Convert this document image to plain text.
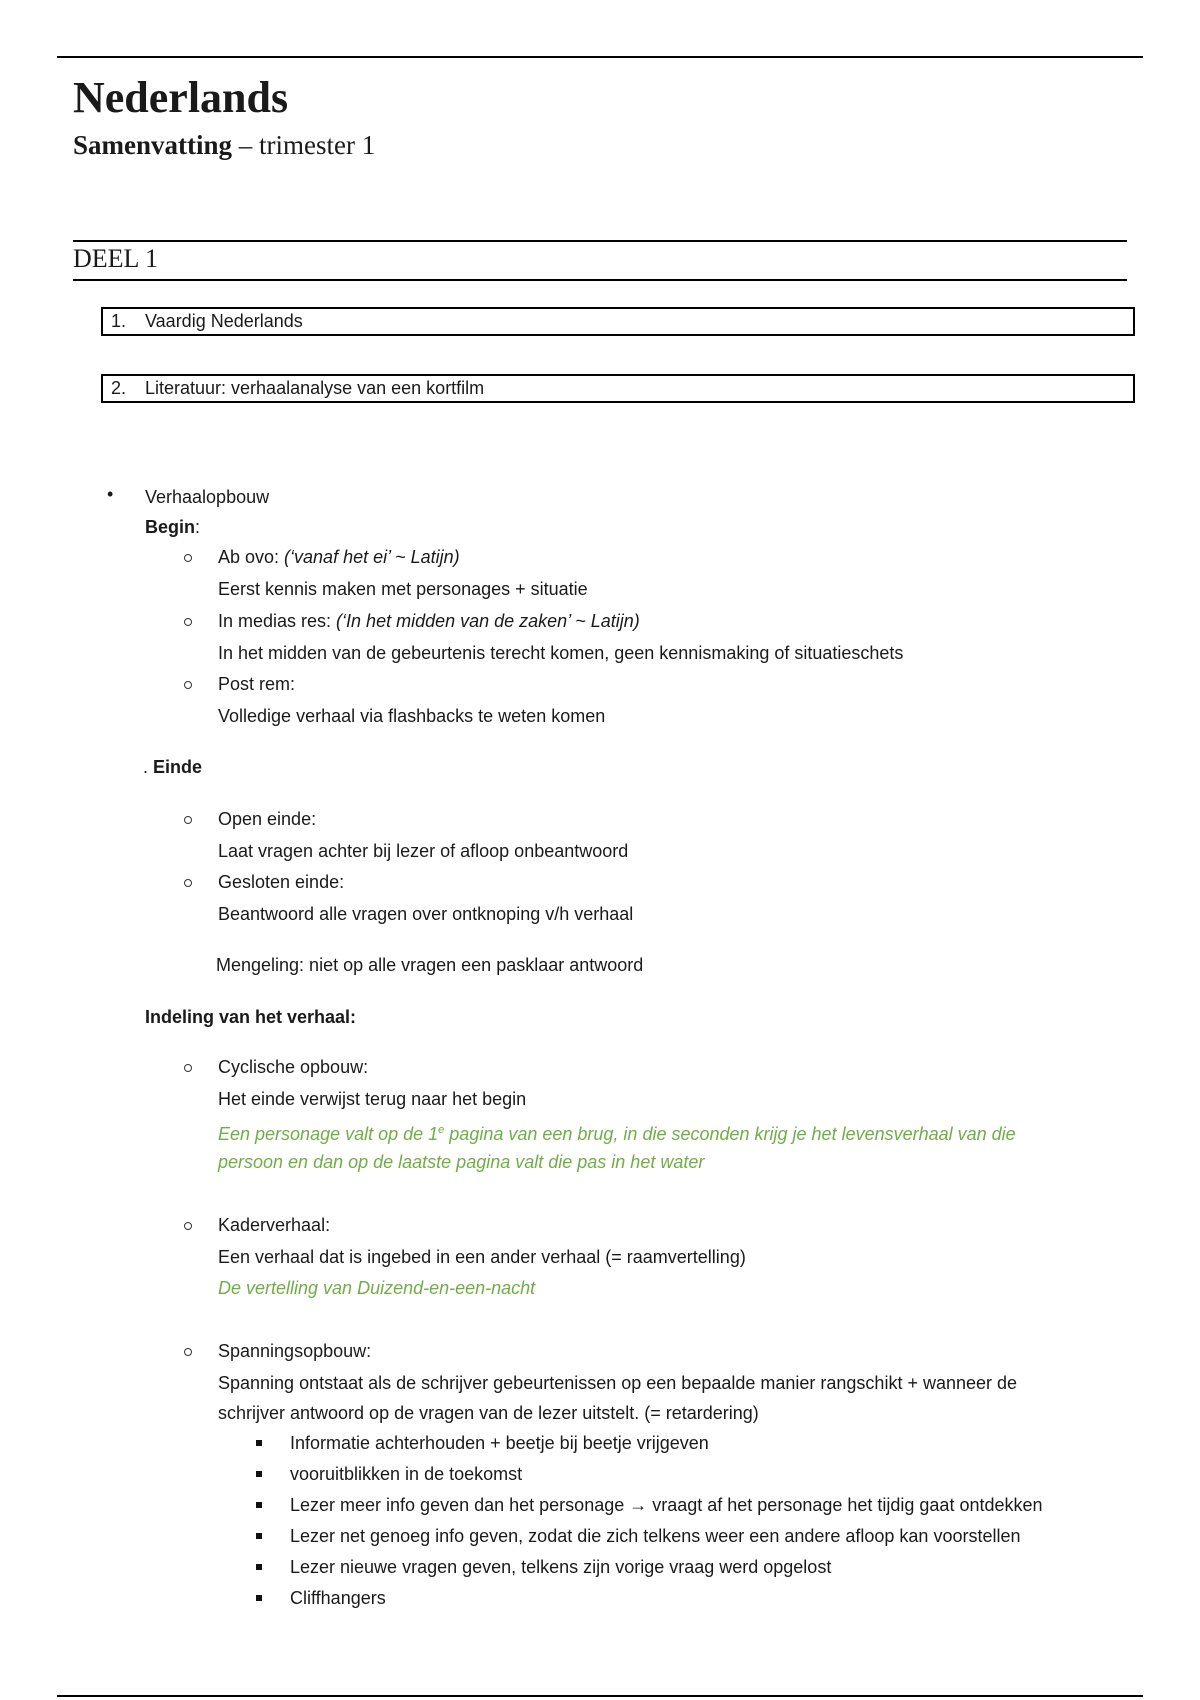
Nederlands
Samenvatting – trimester 1
DEEL 1
1. Vaardig Nederlands
2. Literatuur: verhaalanalyse van een kortfilm
• Verhaalopbouw
Begin:
Ab ovo: (‘vanaf het ei’ ~ Latijn)
Eerst kennis maken met personages + situatie
In medias res: (‘In het midden van de zaken’ ~ Latijn)
In het midden van de gebeurtenis terecht komen, geen kennismaking of situatieschets
Post rem:
Volledige verhaal via flashbacks te weten komen
. Einde
Open einde:
Laat vragen achter bij lezer of afloop onbeantwoord
Gesloten einde:
Beantwoord alle vragen over ontknoping v/h verhaal
Mengeling: niet op alle vragen een pasklaar antwoord
Indeling van het verhaal:
Cyclische opbouw:
Het einde verwijst terug naar het begin
Een personage valt op de 1e pagina van een brug, in die seconden krijg je het levensverhaal van die
persoon en dan op de laatste pagina valt die pas in het water
Kaderverhaal:
Een verhaal dat is ingebed in een ander verhaal (= raamvertelling)
De vertelling van Duizend-en-een-nacht
Spanningsopbouw:
Spanning ontstaat als de schrijver gebeurtenissen op een bepaalde manier rangschikt + wanneer de
schrijver antwoord op de vragen van de lezer uitstelt. (= retardering)
Informatie achterhouden + beetje bij beetje vrijgeven
vooruitblikken in de toekomst
Lezer meer info geven dan het personage → vraagt af het personage het tijdig gaat ontdekken
Lezer net genoeg info geven, zodat die zich telkens weer een andere afloop kan voorstellen
Lezer nieuwe vragen geven, telkens zijn vorige vraag werd opgelost
Cliffhangers
